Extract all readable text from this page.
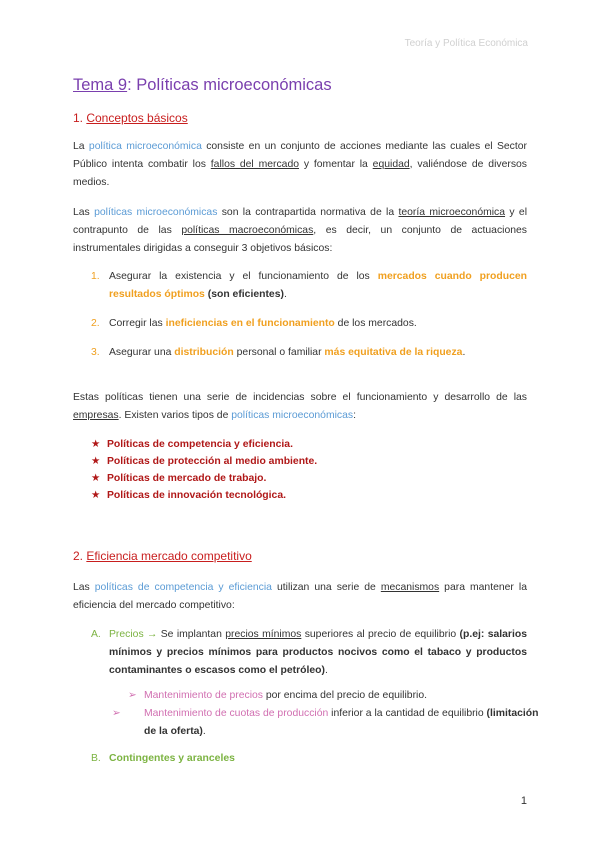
Teoría y Política Económica
Tema 9: Políticas microeconómicas
1. Conceptos básicos
La política microeconómica consiste en un conjunto de acciones mediante las cuales el Sector Público intenta combatir los fallos del mercado y fomentar la equidad, valiéndose de diversos medios.
Las políticas microeconómicas son la contrapartida normativa de la teoría microeconómica y el contrapunto de las políticas macroeconómicas, es decir, un conjunto de actuaciones instrumentales dirigidas a conseguir 3 objetivos básicos:
1. Asegurar la existencia y el funcionamiento de los mercados cuando producen resultados óptimos (son eficientes).
2. Corregir las ineficiencias en el funcionamiento de los mercados.
3. Asegurar una distribución personal o familiar más equitativa de la riqueza.
Estas políticas tienen una serie de incidencias sobre el funcionamiento y desarrollo de las empresas. Existen varios tipos de políticas microeconómicas:
★ Políticas de competencia y eficiencia.
★ Políticas de protección al medio ambiente.
★ Políticas de mercado de trabajo.
★ Políticas de innovación tecnológica.
2. Eficiencia mercado competitivo
Las políticas de competencia y eficiencia utilizan una serie de mecanismos para mantener la eficiencia del mercado competitivo:
A. Precios → Se implantan precios mínimos superiores al precio de equilibrio (p.ej: salarios mínimos y precios mínimos para productos nocivos como el tabaco y productos contaminantes o escasos como el petróleo).
➢ Mantenimiento de precios por encima del precio de equilibrio.
➢ Mantenimiento de cuotas de producción inferior a la cantidad de equilibrio (limitación de la oferta).
B. Contingentes y aranceles
1
